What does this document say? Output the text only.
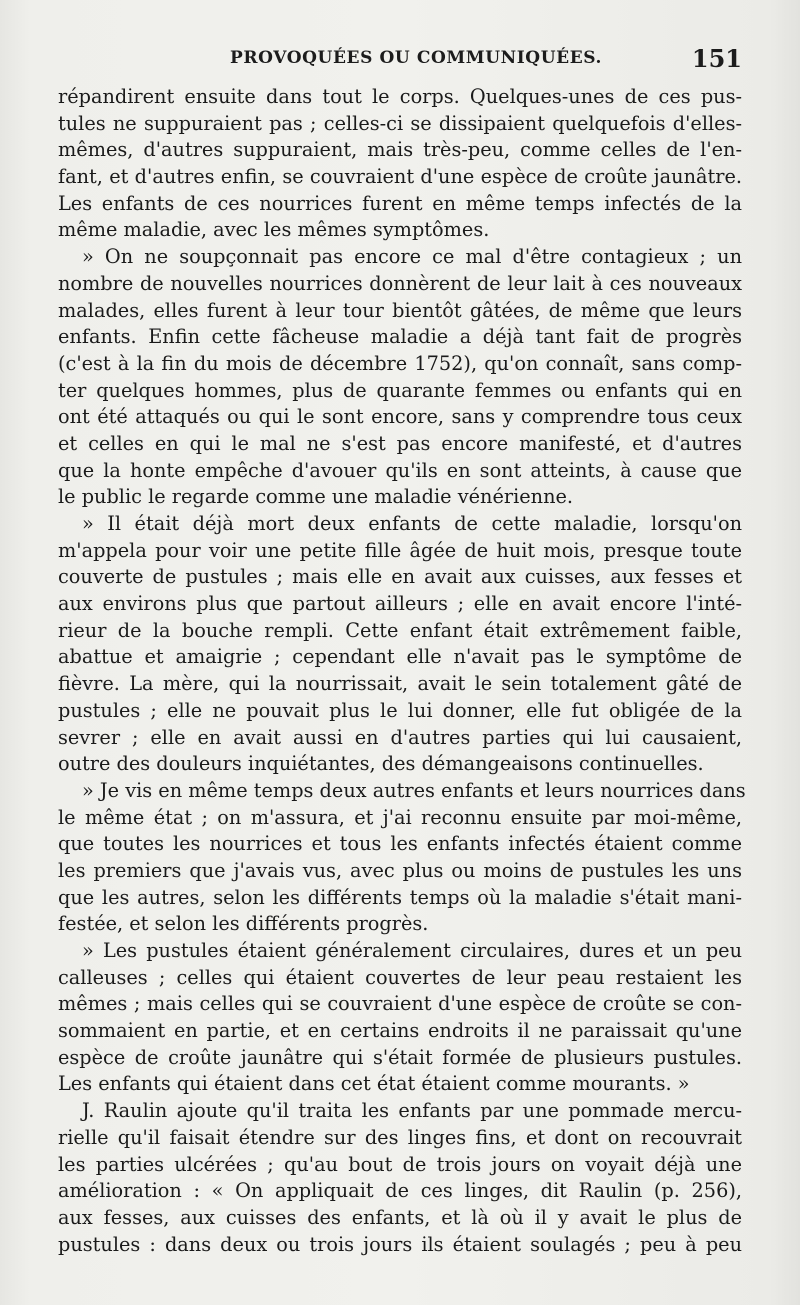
PROVOQUÉES OU COMMUNIQUÉES.	151
répandirent ensuite dans tout le corps. Quelques-unes de ces pus-
tules ne suppuraient pas ; celles-ci se dissipaient quelquefois d'elles-
mêmes, d'autres suppuraient, mais très-peu, comme celles de l'en-
fant, et d'autres enfin, se couvraient d'une espèce de croûte jaunâtre.
Les enfants de ces nourrices furent en même temps infectés de la
même maladie, avec les mêmes symptômes.
» On ne soupçonnait pas encore ce mal d'être contagieux ; un
nombre de nouvelles nourrices donnèrent de leur lait à ces nouveaux
malades, elles furent à leur tour bientôt gâtées, de même que leurs
enfants. Enfin cette fâcheuse maladie a déjà tant fait de progrès
(c'est à la fin du mois de décembre 1752), qu'on connaît, sans comp-
ter quelques hommes, plus de quarante femmes ou enfants qui en
ont été attaqués ou qui le sont encore, sans y comprendre tous ceux
et celles en qui le mal ne s'est pas encore manifesté, et d'autres
que la honte empêche d'avouer qu'ils en sont atteints, à cause que
le public le regarde comme une maladie vénérienne.
» Il était déjà mort deux enfants de cette maladie, lorsqu'on
m'appela pour voir une petite fille âgée de huit mois, presque toute
couverte de pustules ; mais elle en avait aux cuisses, aux fesses et
aux environs plus que partout ailleurs ; elle en avait encore l'inté-
rieur de la bouche rempli. Cette enfant était extrêmement faible,
abattue et amaigrie ; cependant elle n'avait pas le symptôme de
fièvre. La mère, qui la nourrissait, avait le sein totalement gâté de
pustules ; elle ne pouvait plus le lui donner, elle fut obligée de la
sevrer ; elle en avait aussi en d'autres parties qui lui causaient,
outre des douleurs inquiétantes, des démangeaisons continuelles.
» Je vis en même temps deux autres enfants et leurs nourrices dans
le même état ; on m'assura, et j'ai reconnu ensuite par moi-même,
que toutes les nourrices et tous les enfants infectés étaient comme
les premiers que j'avais vus, avec plus ou moins de pustules les uns
que les autres, selon les différents temps où la maladie s'était mani-
festée, et selon les différents progrès.
» Les pustules étaient généralement circulaires, dures et un peu
calleuses ; celles qui étaient couvertes de leur peau restaient les
mêmes ; mais celles qui se couvraient d'une espèce de croûte se con-
sommaient en partie, et en certains endroits il ne paraissait qu'une
espèce de croûte jaunâtre qui s'était formée de plusieurs pustules.
Les enfants qui étaient dans cet état étaient comme mourants. »
J. Raulin ajoute qu'il traita les enfants par une pommade mercu-
rielle qu'il faisait étendre sur des linges fins, et dont on recouvrait
les parties ulcérées ; qu'au bout de trois jours on voyait déjà une
amélioration : « On appliquait de ces linges, dit Raulin (p. 256),
aux fesses, aux cuisses des enfants, et là où il y avait le plus de
pustules : dans deux ou trois jours ils étaient soulagés ; peu à peu
